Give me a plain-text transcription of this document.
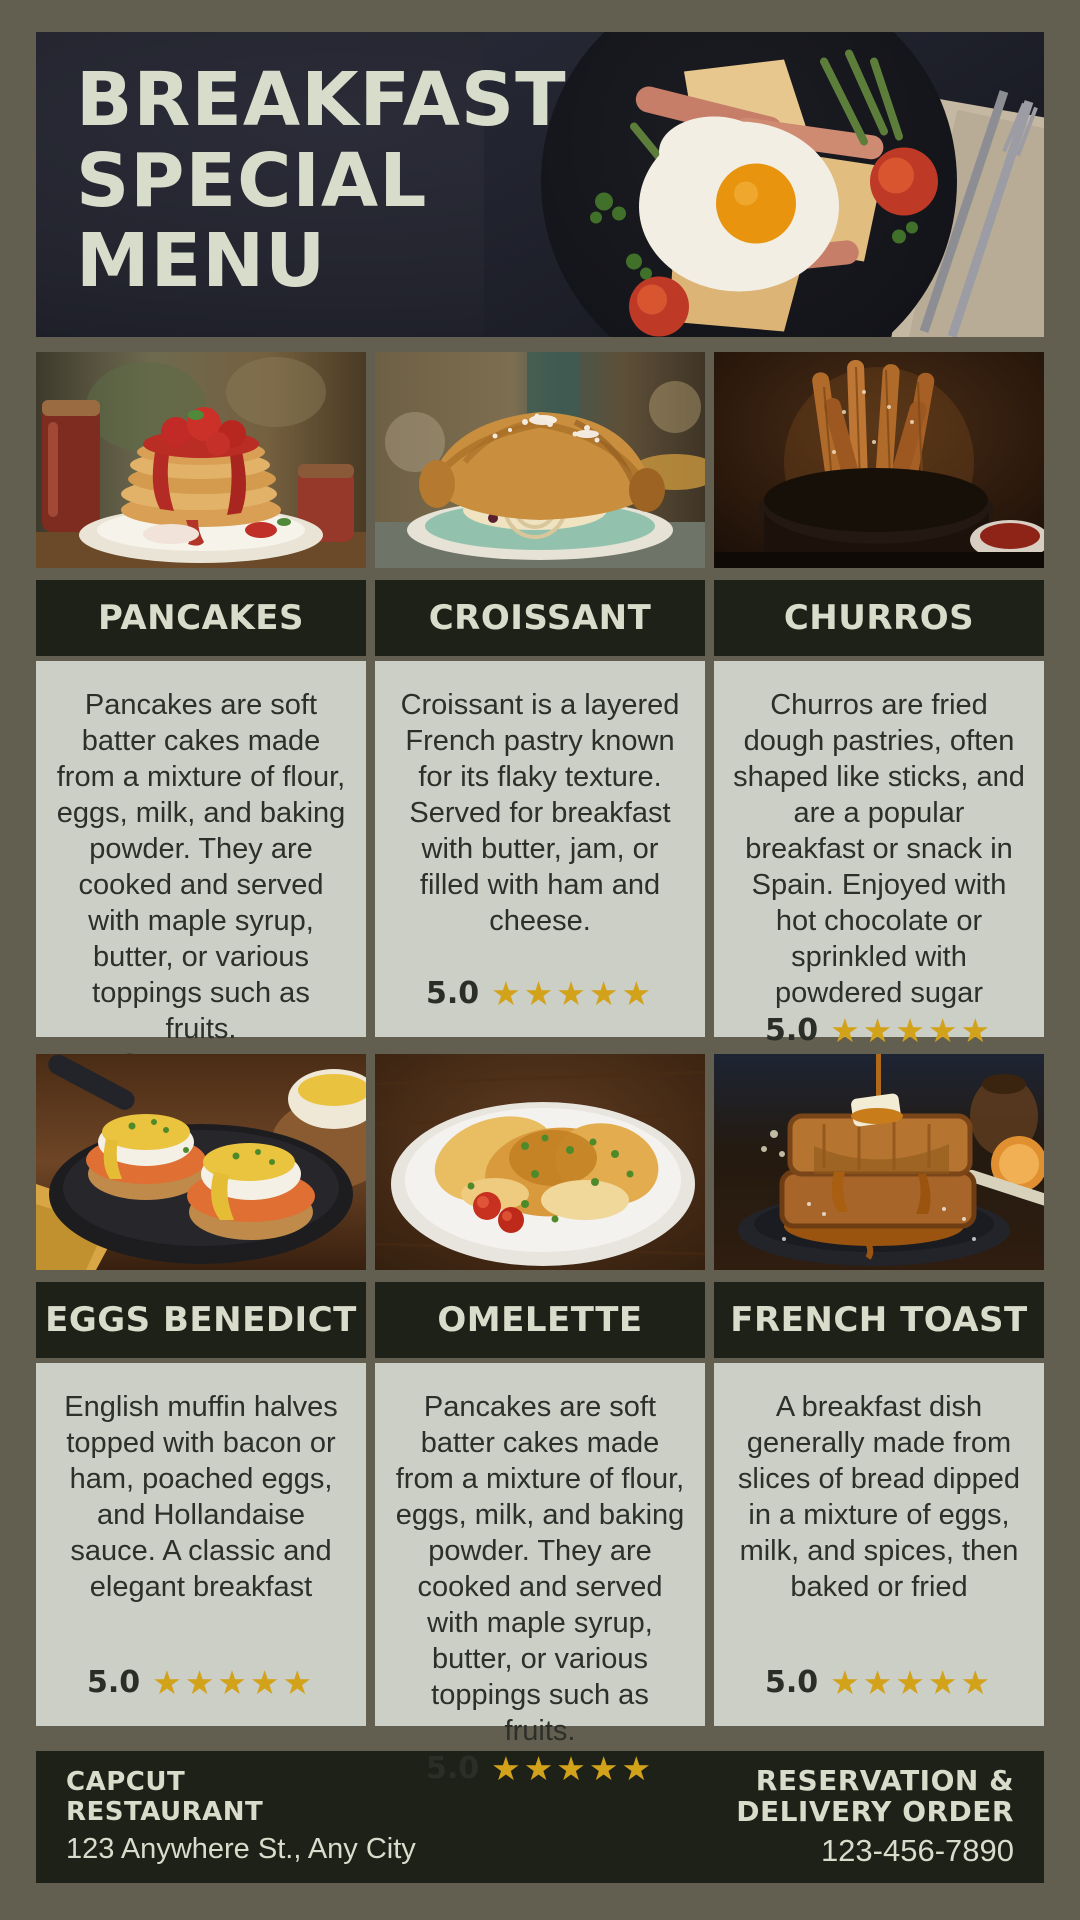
BREAKFAST
SPECIAL
MENU
PANCAKES
Pancakes are soft batter cakes made from a mixture of flour, eggs, milk, and baking powder. They are cooked and served with maple syrup, butter, or various toppings such as fruits.
CROISSANT
Croissant is a layered French pastry known for its flaky texture. Served for breakfast with butter, jam, or filled with ham and cheese.
5.0 ★★★★★
CHURROS
Churros are fried dough pastries, often shaped like sticks, and are a popular breakfast or snack in Spain. Enjoyed with hot chocolate or sprinkled with powdered sugar
5.0 ★★★★★
EGGS BENEDICT
English muffin halves topped with bacon or ham, poached eggs, and Hollandaise sauce. A classic and elegant breakfast
5.0 ★★★★★
OMELETTE
Pancakes are soft batter cakes made from a mixture of flour, eggs, milk, and baking powder. They are cooked and served with maple syrup, butter, or various toppings such as fruits.
5.0 ★★★★★
FRENCH TOAST
A breakfast dish generally made from slices of bread dipped in a mixture of eggs, milk, and spices, then baked or fried
5.0 ★★★★★
CAPCUT
RESTAURANT
123 Anywhere St., Any City
RESERVATION &
DELIVERY ORDER
123-456-7890
